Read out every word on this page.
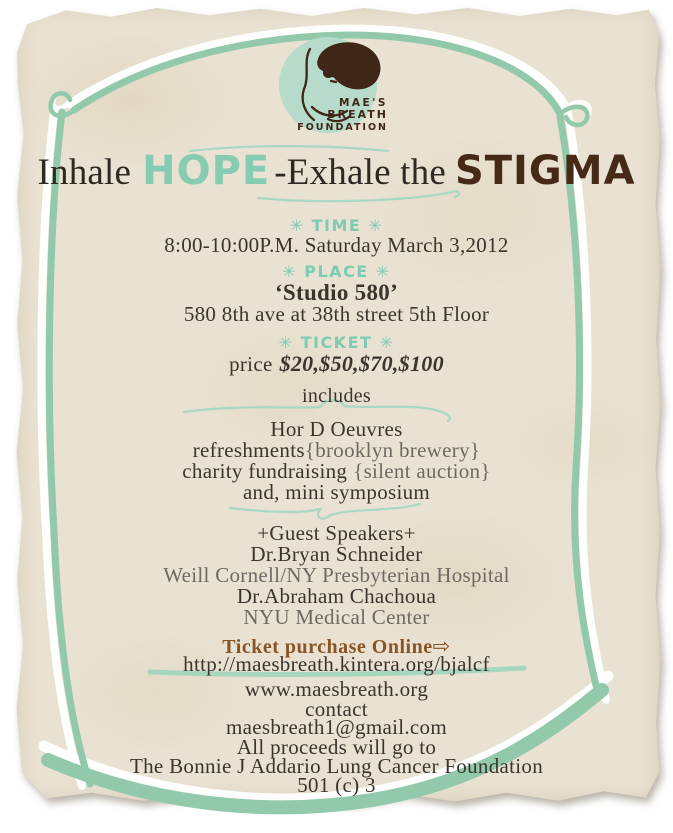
MAE'S
BREATH
FOUNDATION
Inhale HOPE -Exhale the STIGMA
✳ TIME ✳
8:00-10:00P.M. Saturday March 3,2012
✳ PLACE ✳
‘Studio 580’
580 8th ave at 38th street 5th Floor
✳ TICKET ✳
price $20,$50,$70,$100
includes
Hor D Oeuvres
refreshments{brooklyn brewery}
charity fundraising {silent auction}
and, mini symposium
+Guest Speakers+
Dr.Bryan Schneider
Weill Cornell/NY Presbyterian Hospital
Dr.Abraham Chachoua
NYU Medical Center
Ticket purchase Online⇨
http://maesbreath.kintera.org/bjalcf
www.maesbreath.org
contact
maesbreath1@gmail.com
All proceeds will go to
The Bonnie J Addario Lung Cancer Foundation
501 (c) 3
